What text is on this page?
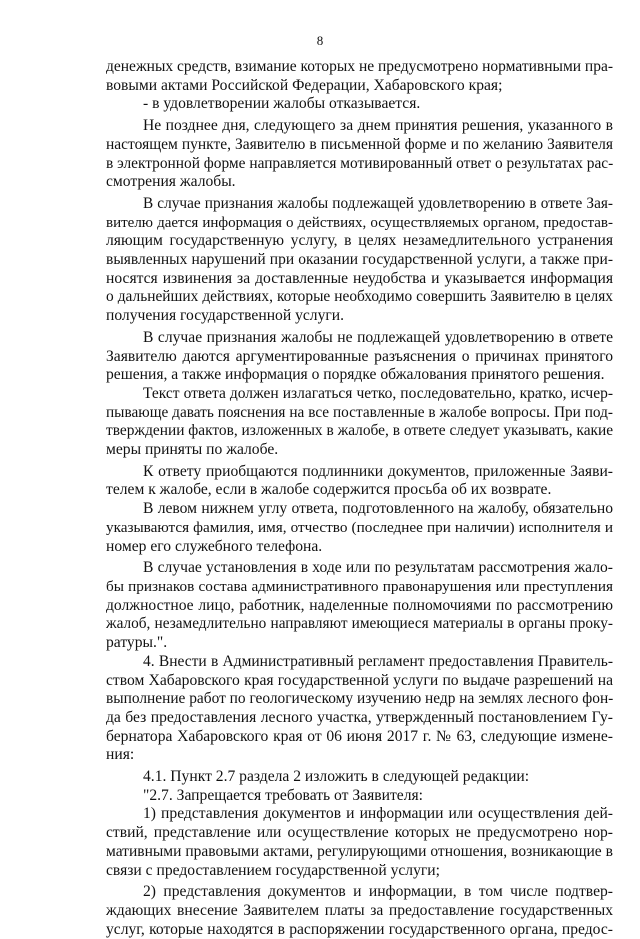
8
денежных средств, взимание которых не предусмотрено нормативными пра-
вовыми актами Российской Федерации, Хабаровского края;
- в удовлетворении жалобы отказывается.
Не позднее дня, следующего за днем принятия решения, указанного в
настоящем пункте, Заявителю в письменной форме и по желанию Заявителя
в электронной форме направляется мотивированный ответ о результатах рас-
смотрения жалобы.
В случае признания жалобы подлежащей удовлетворению в ответе Зая-
вителю дается информация о действиях, осуществляемых органом, предостав-
ляющим государственную услугу, в целях незамедлительного устранения
выявленных нарушений при оказании государственной услуги, а также при-
носятся извинения за доставленные неудобства и указывается информация
о дальнейших действиях, которые необходимо совершить Заявителю в целях
получения государственной услуги.
В случае признания жалобы не подлежащей удовлетворению в ответе
Заявителю даются аргументированные разъяснения о причинах принятого
решения, а также информация о порядке обжалования принятого решения.
Текст ответа должен излагаться четко, последовательно, кратко, исчер-
пывающе давать пояснения на все поставленные в жалобе вопросы. При под-
тверждении фактов, изложенных в жалобе, в ответе следует указывать, какие
меры приняты по жалобе.
К ответу приобщаются подлинники документов, приложенные Заяви-
телем к жалобе, если в жалобе содержится просьба об их возврате.
В левом нижнем углу ответа, подготовленного на жалобу, обязательно
указываются фамилия, имя, отчество (последнее при наличии) исполнителя и
номер его служебного телефона.
В случае установления в ходе или по результатам рассмотрения жало-
бы признаков состава административного правонарушения или преступления
должностное лицо, работник, наделенные полномочиями по рассмотрению
жалоб, незамедлительно направляют имеющиеся материалы в органы проку-
ратуры.".
4. Внести в Административный регламент предоставления Правитель-
ством Хабаровского края государственной услуги по выдаче разрешений на
выполнение работ по геологическому изучению недр на землях лесного фон-
да без предоставления лесного участка, утвержденный постановлением Гу-
бернатора Хабаровского края от 06 июня 2017 г. № 63, следующие измене-
ния:
4.1. Пункт 2.7 раздела 2 изложить в следующей редакции:
"2.7. Запрещается требовать от Заявителя:
1) представления документов и информации или осуществления дей-
ствий, представление или осуществление которых не предусмотрено нор-
мативными правовыми актами, регулирующими отношения, возникающие в
связи с предоставлением государственной услуги;
2) представления документов и информации, в том числе подтвер-
ждающих внесение Заявителем платы за предоставление государственных
услуг, которые находятся в распоряжении государственного органа, предос-
